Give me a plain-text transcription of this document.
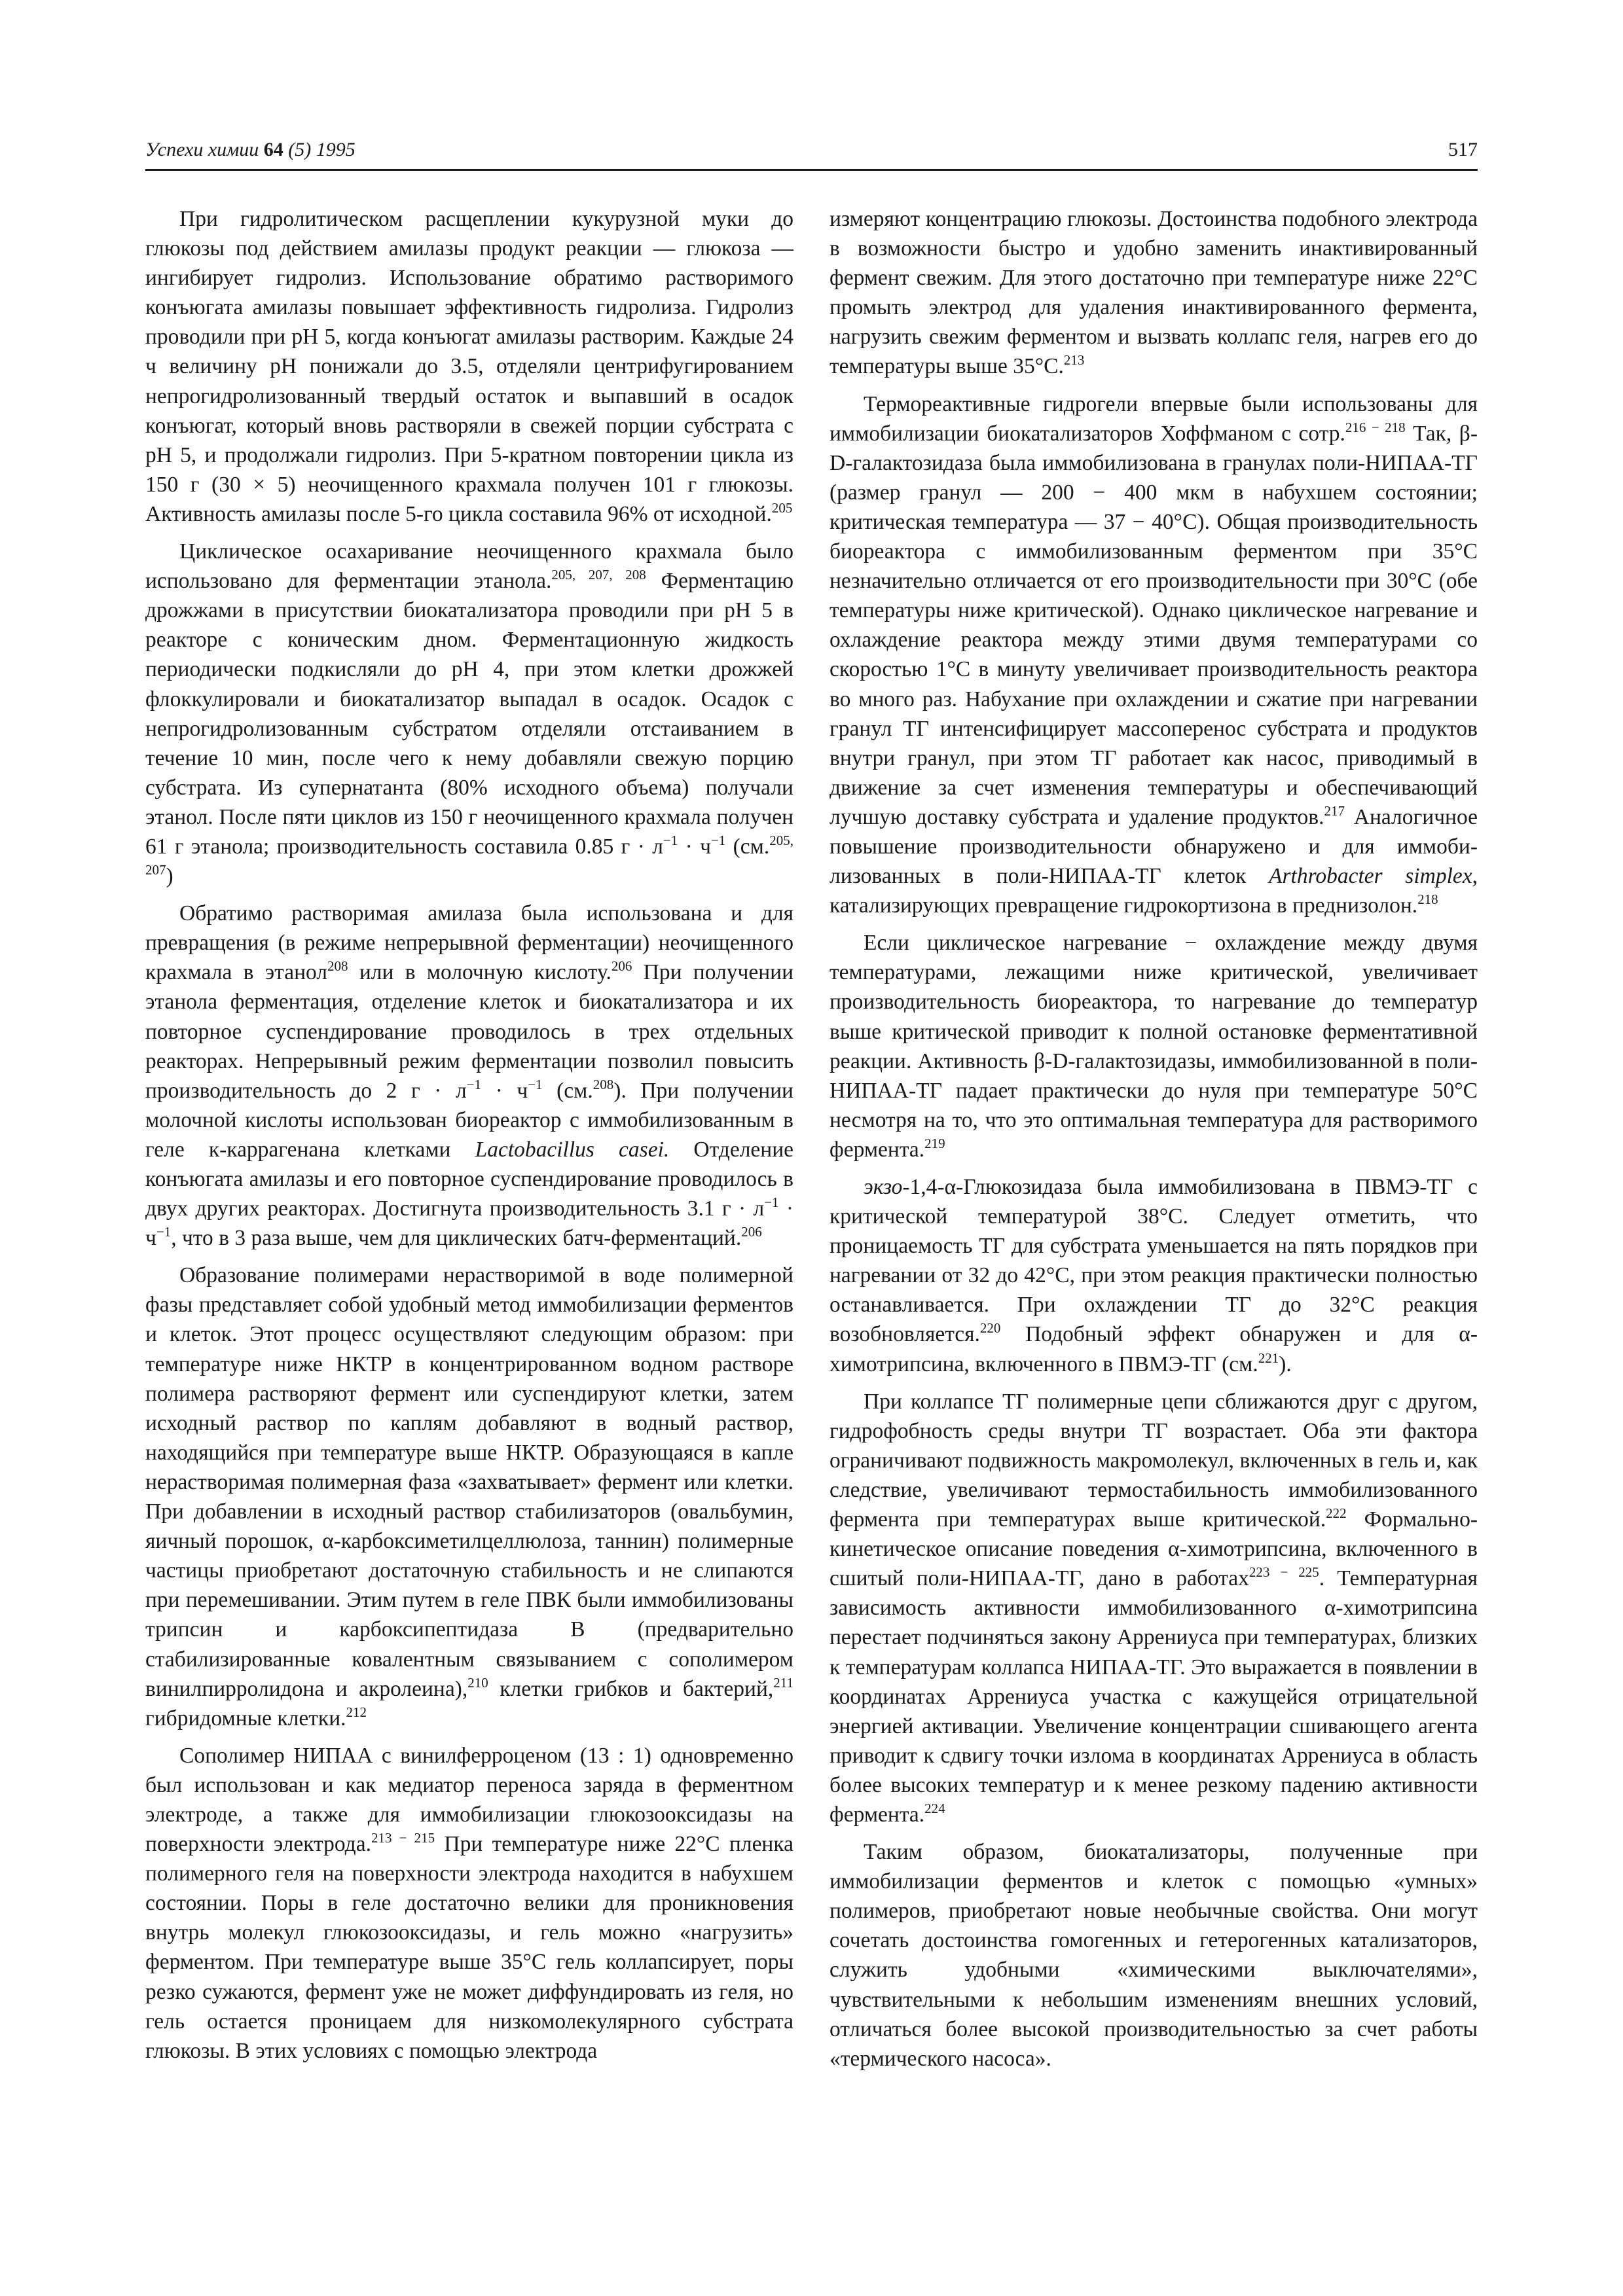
Успехи химии 64 (5) 1995	517

При гидролитическом расщеплении кукурузной муки до глюкозы под действием амилазы продукт реакции — глюкоза — ингибирует гидролиз. Использование обратимо растворимого конъюгата амилазы повышает эффективность гидролиза. Гидролиз проводили при pH 5, когда конъюгат амилазы растворим. Каждые 24 ч величину pH понижали до 3.5, отделяли центрифугированием непрогидролизованный твердый остаток и выпавший в осадок конъюгат, который вновь растворяли в свежей порции субстрата с pH 5, и продолжали гидролиз. При 5-кратном повторении цикла из 150 г (30 × 5) неочищенного крахмала получен 101 г глюкозы. Активность амилазы после 5-го цикла составила 96% от исходной.$^{205}$

Циклическое осахаривание неочищенного крахмала было использовано для ферментации этанола.$^{205, 207, 208}$ Ферментацию дрожжами в присутствии биокатализатора проводили при pH 5 в реакторе с коническим дном. Ферментационную жидкость периодически подкисляли до pH 4, при этом клетки дрожжей флоккулировали и биокатализатор выпадал в осадок. Осадок с непрогидролизованным субстратом отделяли отстаиванием в течение 10 мин, после чего к нему добавляли свежую порцию субстрата. Из супернатанта (80% исходного объема) получали этанол. После пяти циклов из 150 г неочищенного крахмала получен 61 г этанола; производительность составила 0.85 $г \cdot л^{-1} \cdot ч^{-1}$ (см.$^{205, 207}$)

Обратимо растворимая амилаза была использована и для превращения (в режиме непрерывной ферментации) неочищенного крахмала в этанол$^{208}$ или в молочную кислоту.$^{206}$ При получении этанола ферментация, отделение клеток и биокатализатора и их повторное суспендирование проводилось в трех отдельных реакторах. Непрерывный режим ферментации позволил повысить производительность до 2 $г \cdot л^{-1} \cdot ч^{-1}$ (см.$^{208}$). При получении молочной кислоты использован биореактор с иммобилизованным в геле к-каррагенана клетками Lactobacillus casei. Отделение конъюгата амилазы и его повторное суспендирование проводилось в двух других реакторах. Достигнута производительность 3.1 $г \cdot л^{-1} \cdot ч^{-1}$, что в 3 раза выше, чем для циклических батч-ферментаций.$^{206}$

Образование полимерами нерастворимой в воде полимерной фазы представляет собой удобный метод иммобилизации ферментов и клеток. Этот процесс осуществляют следующим образом: при температуре ниже НКТР в концентрированном водном растворе полимера растворяют фермент или суспендируют клетки, затем исходный раствор по каплям добавляют в водный раствор, находящийся при температуре выше НКТР. Образующаяся в капле нерастворимая полимерная фаза «захватывает» фермент или клетки. При добавлении в исходный раствор стабилизаторов (овальбумин, яичный порошок, α-карбоксиметилцеллюлоза, таннин) полимерные частицы приобретают достаточную стабильность и не слипаются при перемешивании. Этим путем в геле ПВК были иммобилизованы трипсин и карбоксипептидаза B (предварительно стабилизированные ковалентным связыванием с сополимером винилпирролидона и акролеина),$^{210}$ клетки грибков и бактерий,$^{211}$ гибридомные клетки.$^{212}$

Сополимер НИПАА с винилферроценом (13 : 1) одновременно был использован и как медиатор переноса заряда в ферментном электроде, а также для иммобилизации глюкозооксидазы на поверхности электрода.$^{213 - 215}$ При температуре ниже 22°C пленка полимерного геля на поверхности электрода находится в набухшем состоянии. Поры в геле достаточно велики для проникновения внутрь молекул глюкозооксидазы, и гель можно «нагрузить» ферментом. При температуре выше 35°C гель коллапсирует, поры резко сужаются, фермент уже не может диффундировать из геля, но гель остается проницаем для низкомолекулярного субстрата глюкозы. В этих условиях с помощью электрода

измеряют концентрацию глюкозы. Достоинства подобного электрода в возможности быстро и удобно заменить инактивированный фермент свежим. Для этого достаточно при температуре ниже 22°C промыть электрод для удаления инактивированного фермента, нагрузить свежим ферментом и вызвать коллапс геля, нагрев его до температуры выше 35°C.$^{213}$

Термореактивные гидрогели впервые были использованы для иммобилизации биокатализаторов Хоффманом с сотр.$^{216 - 218}$ Так, β-D-галактозидаза была иммобилизована в гранулах поли-НИПАА-ТГ (размер гранул — 200 − 400 мкм в набухшем состоянии; критическая температура — 37 − 40°C). Общая производительность биореактора с иммобилизованным ферментом при 35°C незначительно отличается от его производительности при 30°C (обе температуры ниже критической). Однако циклическое нагревание и охлаждение реактора между этими двумя температурами со скоростью 1°C в минуту увеличивает производительность реактора во много раз. Набухание при охлаждении и сжатие при нагревании гранул ТГ интенсифицирует массоперенос субстрата и продуктов внутри гранул, при этом ТГ работает как насос, приводимый в движение за счет изменения температуры и обеспечивающий лучшую доставку субстрата и удаление продуктов.$^{217}$ Аналогичное повышение производительности обнаружено и для иммобилизованных в поли-НИПАА-ТГ клеток Arthrobacter simplex, катализирующих превращение гидрокортизона в преднизолон.$^{218}$

Если циклическое нагревание − охлаждение между двумя температурами, лежащими ниже критической, увеличивает производительность биореактора, то нагревание до температур выше критической приводит к полной остановке ферментативной реакции. Активность β-D-галактозидазы, иммобилизованной в поли-НИПАА-ТГ падает практически до нуля при температуре 50°C несмотря на то, что это оптимальная температура для растворимого фермента.$^{219}$

экзо-1,4-α-Глюкозидаза была иммобилизована в ПВМЭ-ТГ с критической температурой 38°C. Следует отметить, что проницаемость ТГ для субстрата уменьшается на пять порядков при нагревании от 32 до 42°C, при этом реакция практически полностью останавливается. При охлаждении ТГ до 32°C реакция возобновляется.$^{220}$ Подобный эффект обнаружен и для α-химотрипсина, включенного в ПВМЭ-ТГ (см.$^{221}$).

При коллапсе ТГ полимерные цепи сближаются друг с другом, гидрофобность среды внутри ТГ возрастает. Оба эти фактора ограничивают подвижность макромолекул, включенных в гель и, как следствие, увеличивают термостабильность иммобилизованного фермента при температурах выше критической.$^{222}$ Формально-кинетическое описание поведения α-химотрипсина, включенного в сшитый поли-НИПАА-ТГ, дано в работах$^{223 - 225}$. Температурная зависимость активности иммобилизованного α-химотрипсина перестает подчиняться закону Аррениуса при температурах, близких к температурам коллапса НИПАА-ТГ. Это выражается в появлении в координатах Аррениуса участка с кажущейся отрицательной энергией активации. Увеличение концентрации сшивающего агента приводит к сдвигу точки излома в координатах Аррениуса в область более высоких температур и к менее резкому падению активности фермента.$^{224}$

Таким образом, биокатализаторы, полученные при иммобилизации ферментов и клеток с помощью «умных» полимеров, приобретают новые необычные свойства. Они могут сочетать достоинства гомогенных и гетерогенных катализаторов, служить удобными «химическими выключателями», чувствительными к небольшим изменениям внешних условий, отличаться более высокой производительностью за счет работы «термического насоса».
